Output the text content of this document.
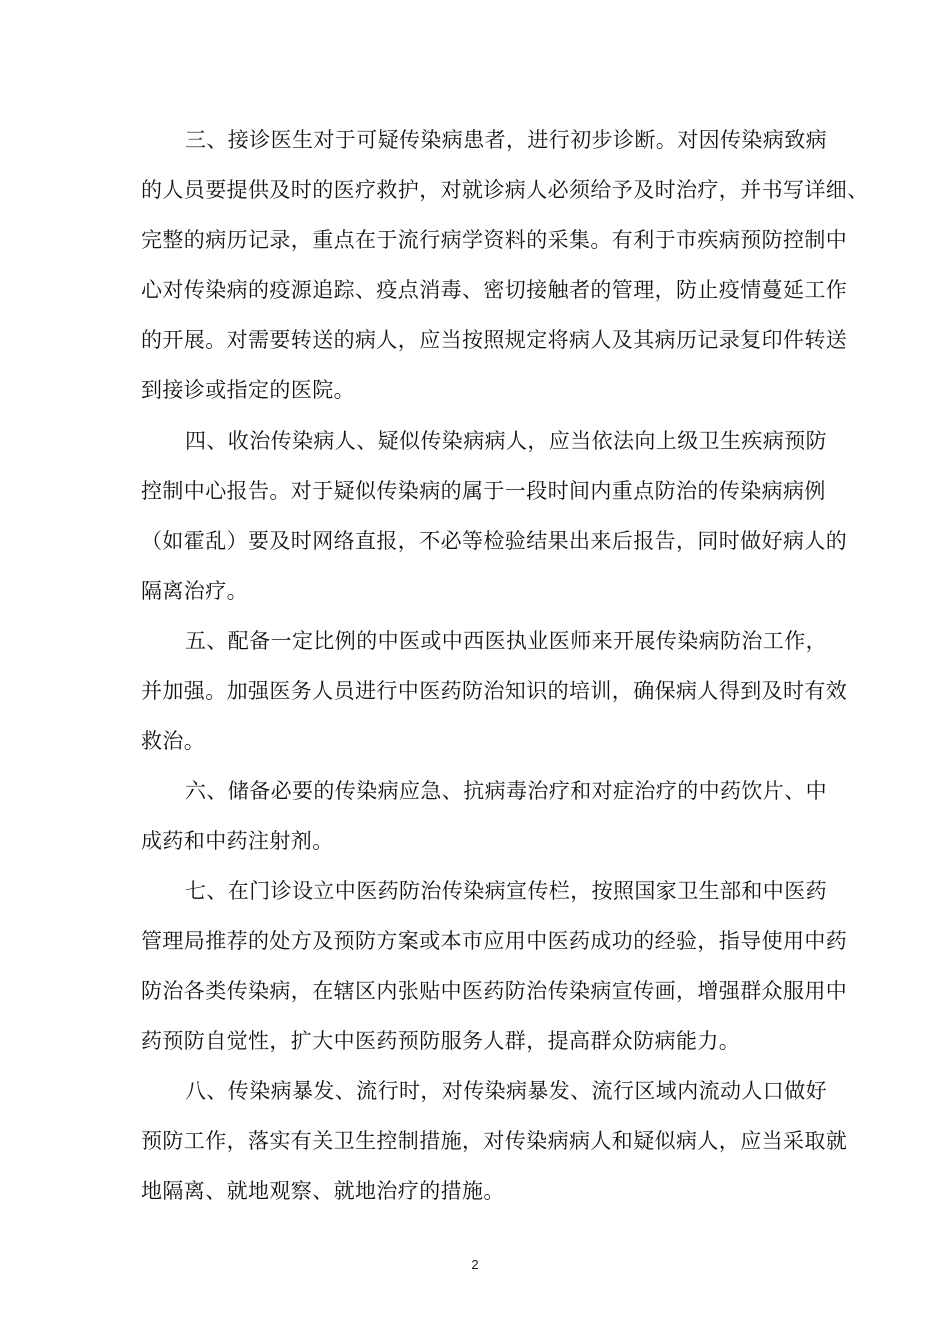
三、接诊医生对于可疑传染病患者，进行初步诊断。对因传染病致病
的人员要提供及时的医疗救护，对就诊病人必须给予及时治疗，并书写详细、
完整的病历记录，重点在于流行病学资料的采集。有利于市疾病预防控制中
心对传染病的疫源追踪、疫点消毒、密切接触者的管理，防止疫情蔓延工作
的开展。对需要转送的病人，应当按照规定将病人及其病历记录复印件转送
到接诊或指定的医院。
四、收治传染病人、疑似传染病病人，应当依法向上级卫生疾病预防
控制中心报告。对于疑似传染病的属于一段时间内重点防治的传染病病例
（如霍乱）要及时网络直报，不必等检验结果出来后报告，同时做好病人的
隔离治疗。
五、配备一定比例的中医或中西医执业医师来开展传染病防治工作，
并加强。加强医务人员进行中医药防治知识的培训，确保病人得到及时有效
救治。
六、储备必要的传染病应急、抗病毒治疗和对症治疗的中药饮片、中
成药和中药注射剂。
七、在门诊设立中医药防治传染病宣传栏，按照国家卫生部和中医药
管理局推荐的处方及预防方案或本市应用中医药成功的经验，指导使用中药
防治各类传染病，在辖区内张贴中医药防治传染病宣传画，增强群众服用中
药预防自觉性，扩大中医药预防服务人群，提高群众防病能力。
八、传染病暴发、流行时，对传染病暴发、流行区域内流动人口做好
预防工作，落实有关卫生控制措施，对传染病病人和疑似病人，应当采取就
地隔离、就地观察、就地治疗的措施。
2
